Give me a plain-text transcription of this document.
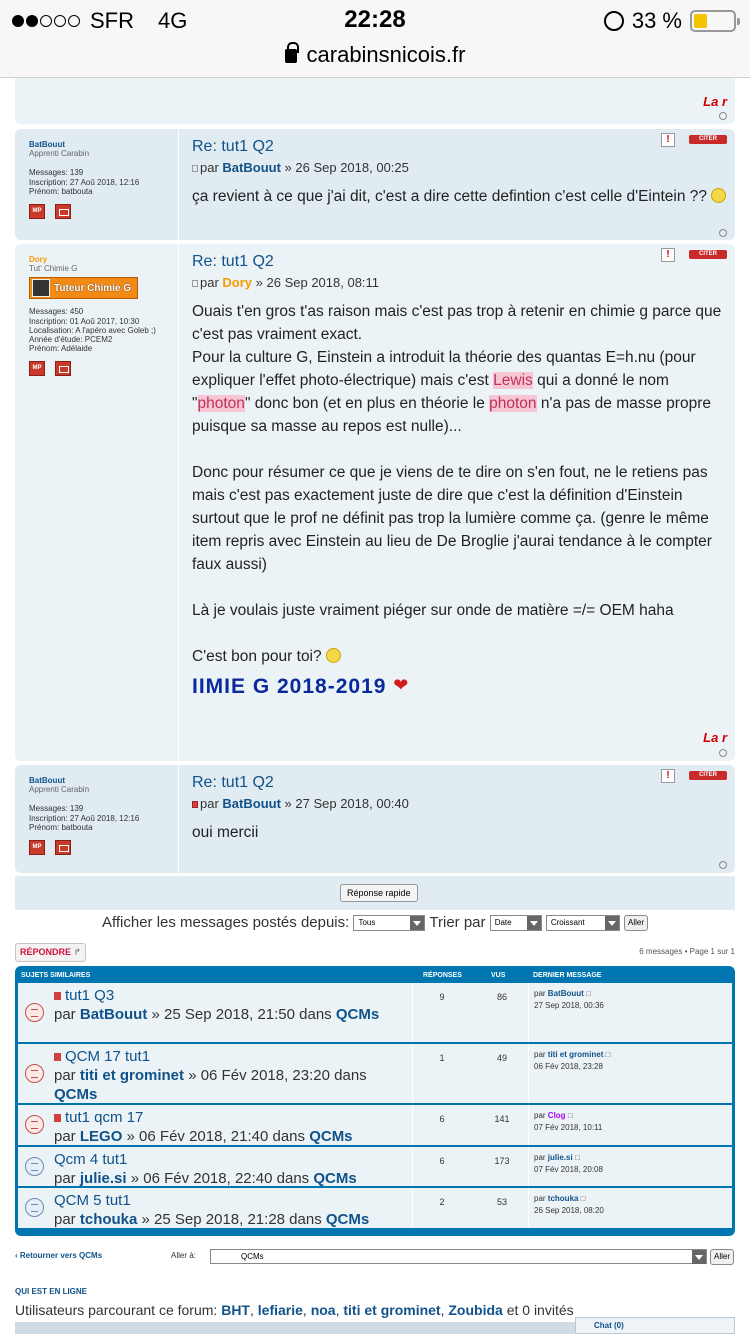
SFR 4G	22:28	33 %
carabinsnicois.fr
La r
BatBouut
Apprenti Carabin
Messages: 139
Inscription: 27 Aoû 2018, 12:16
Prénom: batbouta
MP
Re: tut1 Q2
par BatBouut » 26 Sep 2018, 00:25
ça revient à ce que j'ai dit, c'est a dire cette defintion c'est celle d'Eintein ??
!	CITER
Dory
Tut' Chimie G
Tuteur Chimie G
Messages: 450
Inscription: 01 Aoû 2017, 10:30
Localisation: A l'apéro avec Goleb ;)
Année d'étude: PCEM2
Prénom: Adélaide
MP
Re: tut1 Q2
par Dory » 26 Sep 2018, 08:11
Ouais t'en gros t'as raison mais c'est pas trop à retenir en chimie g parce que c'est pas vraiment exact.

Pour la culture G, Einstein a introduit la théorie des quantas E=h.nu (pour expliquer l'effet photo-électrique) mais c'est Lewis qui a donné le nom "photon" donc bon (et en plus en théorie le photon n'a pas de masse propre puisque sa masse au repos est nulle)...

Donc pour résumer ce que je viens de te dire on s'en fout, ne le retiens pas mais c'est pas exactement juste de dire que c'est la définition d'Einstein surtout que le prof ne définit pas trop la lumière comme ça. (genre le même item repris avec Einstein au lieu de De Broglie j'aurai tendance à le compter faux aussi)

Là je voulais juste vraiment piéger sur onde de matière =/= OEM haha

C'est bon pour toi?
IIMIE G 2018-2019 ❤
!	CITER
La r
BatBouut
Apprenti Carabin
Messages: 139
Inscription: 27 Aoû 2018, 12:16
Prénom: batbouta
MP
Re: tut1 Q2
par BatBouut » 27 Sep 2018, 00:40
oui mercii
!	CITER
Réponse rapide
Afficher les messages postés depuis: Tous	Trier par Date	Croissant	Aller
RÉPONDRE ↱	6 messages • Page 1 sur 1
SUJETS SIMILAIRES	RÉPONSES	VUS	DERNIER MESSAGE
tut1 Q3
par BatBouut » 25 Sep 2018, 21:50 dans QCMs
9	86	par BatBouut □
27 Sep 2018, 00:36
QCM 17 tut1
par titi et grominet » 06 Fév 2018, 23:20 dans QCMs
1	49	par titi et grominet □
06 Fév 2018, 23:28
tut1 qcm 17
par LEGO » 06 Fév 2018, 21:40 dans QCMs
6	141	par Clog □
07 Fév 2018, 10:11
Qcm 4 tut1
par julie.si » 06 Fév 2018, 22:40 dans QCMs
6	173	par julie.si □
07 Fév 2018, 20:08
QCM 5 tut1
par tchouka » 25 Sep 2018, 21:28 dans QCMs
2	53	par tchouka □
26 Sep 2018, 08:20
‹ Retourner vers QCMs	Aller à:	QCMs	Aller
QUI EST EN LIGNE
Utilisateurs parcourant ce forum: BHT, lefiarie, noa, titi et grominet, Zoubida et 0 invités
Chat (0)
